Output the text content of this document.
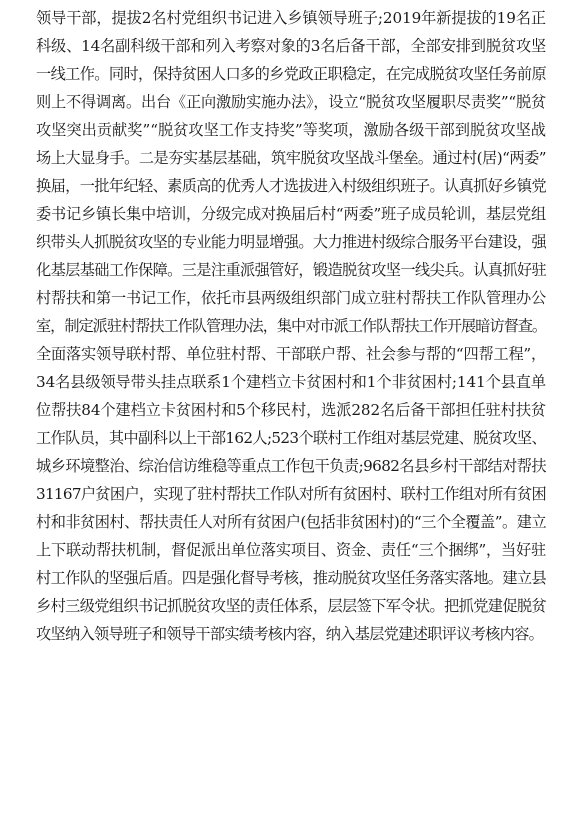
领导干部，提拔2名村党组织书记进入乡镇领导班子;2019年新提拔的19名正
科级、14名副科级干部和列入考察对象的3名后备干部，全部安排到脱贫攻坚
一线工作。同时，保持贫困人口多的乡党政正职稳定，在完成脱贫攻坚任务前原
则上不得调离。出台《正向激励实施办法》，设立“脱贫攻坚履职尽责奖”“脱贫
攻坚突出贡献奖”“脱贫攻坚工作支持奖”等奖项，激励各级干部到脱贫攻坚战
场上大显身手。二是夯实基层基础，筑牢脱贫攻坚战斗堡垒。通过村(居)“两委”
换届，一批年纪轻、素质高的优秀人才选拔进入村级组织班子。认真抓好乡镇党
委书记乡镇长集中培训，分级完成对换届后村“两委”班子成员轮训，基层党组
织带头人抓脱贫攻坚的专业能力明显增强。大力推进村级综合服务平台建设，强
化基层基础工作保障。三是注重派强管好，锻造脱贫攻坚一线尖兵。认真抓好驻
村帮扶和第一书记工作，依托市县两级组织部门成立驻村帮扶工作队管理办公
室，制定派驻村帮扶工作队管理办法，集中对市派工作队帮扶工作开展暗访督查。
全面落实领导联村帮、单位驻村帮、干部联户帮、社会参与帮的“四帮工程”，
34名县级领导带头挂点联系1个建档立卡贫困村和1个非贫困村;141个县直单
位帮扶84个建档立卡贫困村和5个移民村，选派282名后备干部担任驻村扶贫
工作队员，其中副科以上干部162人;523个联村工作组对基层党建、脱贫攻坚、
城乡环境整治、综治信访维稳等重点工作包干负责;9682名县乡村干部结对帮扶
31167户贫困户，实现了驻村帮扶工作队对所有贫困村、联村工作组对所有贫困
村和非贫困村、帮扶责任人对所有贫困户(包括非贫困村)的“三个全覆盖”。建立
上下联动帮扶机制，督促派出单位落实项目、资金、责任“三个捆绑”，当好驻
村工作队的坚强后盾。四是强化督导考核，推动脱贫攻坚任务落实落地。建立县
乡村三级党组织书记抓脱贫攻坚的责任体系，层层签下军令状。把抓党建促脱贫
攻坚纳入领导班子和领导干部实绩考核内容，纳入基层党建述职评议考核内容。
